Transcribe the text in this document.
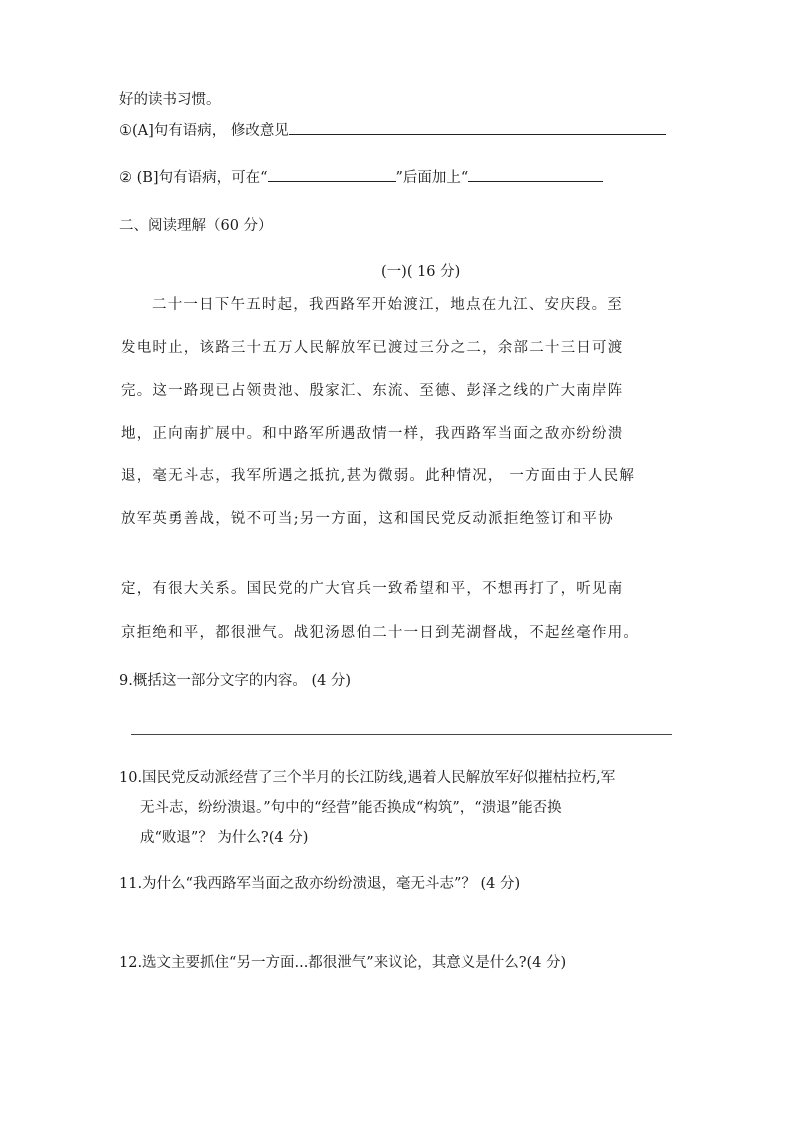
好的读书习惯。
①(A]句有语病， 修改意见
② (B]句有语病，可在“	”后面加上“
二、阅读理解（60 分）
(一)( 16 分)
二十一日下午五时起，我西路军开始渡江，地点在九江、安庆段。至
发电时止，该路三十五万人民解放军已渡过三分之二，余部二十三日可渡
完。这一路现已占领贵池、殷家汇、东流、至德、彭泽之线的广大南岸阵
地，正向南扩展中。和中路军所遇敌情一样，我西路军当面之敌亦纷纷溃
退，毫无斗志，我军所遇之抵抗,甚为微弱。此种情况， 一方面由于人民解
放军英勇善战，锐不可当;另一方面，这和国民党反动派拒绝签订和平协
定，有很大关系。国民党的广大官兵一致希望和平，不想再打了，听见南
京拒绝和平，都很泄气。战犯汤恩伯二十一日到芜湖督战，不起丝毫作用。
9.概括这一部分文字的内容。 (4 分)
10.国民党反动派经营了三个半月的长江防线,遇着人民解放军好似摧枯拉朽,军
无斗志，纷纷溃退。”句中的“经营”能否换成“构筑”，“溃退”能否换
成“败退”？ 为什么?(4 分)
11.为什么“我西路军当面之敌亦纷纷溃退，毫无斗志”？ (4 分)
12.选文主要抓住“另一方面...都很泄气”来议论，其意义是什么?(4 分)
